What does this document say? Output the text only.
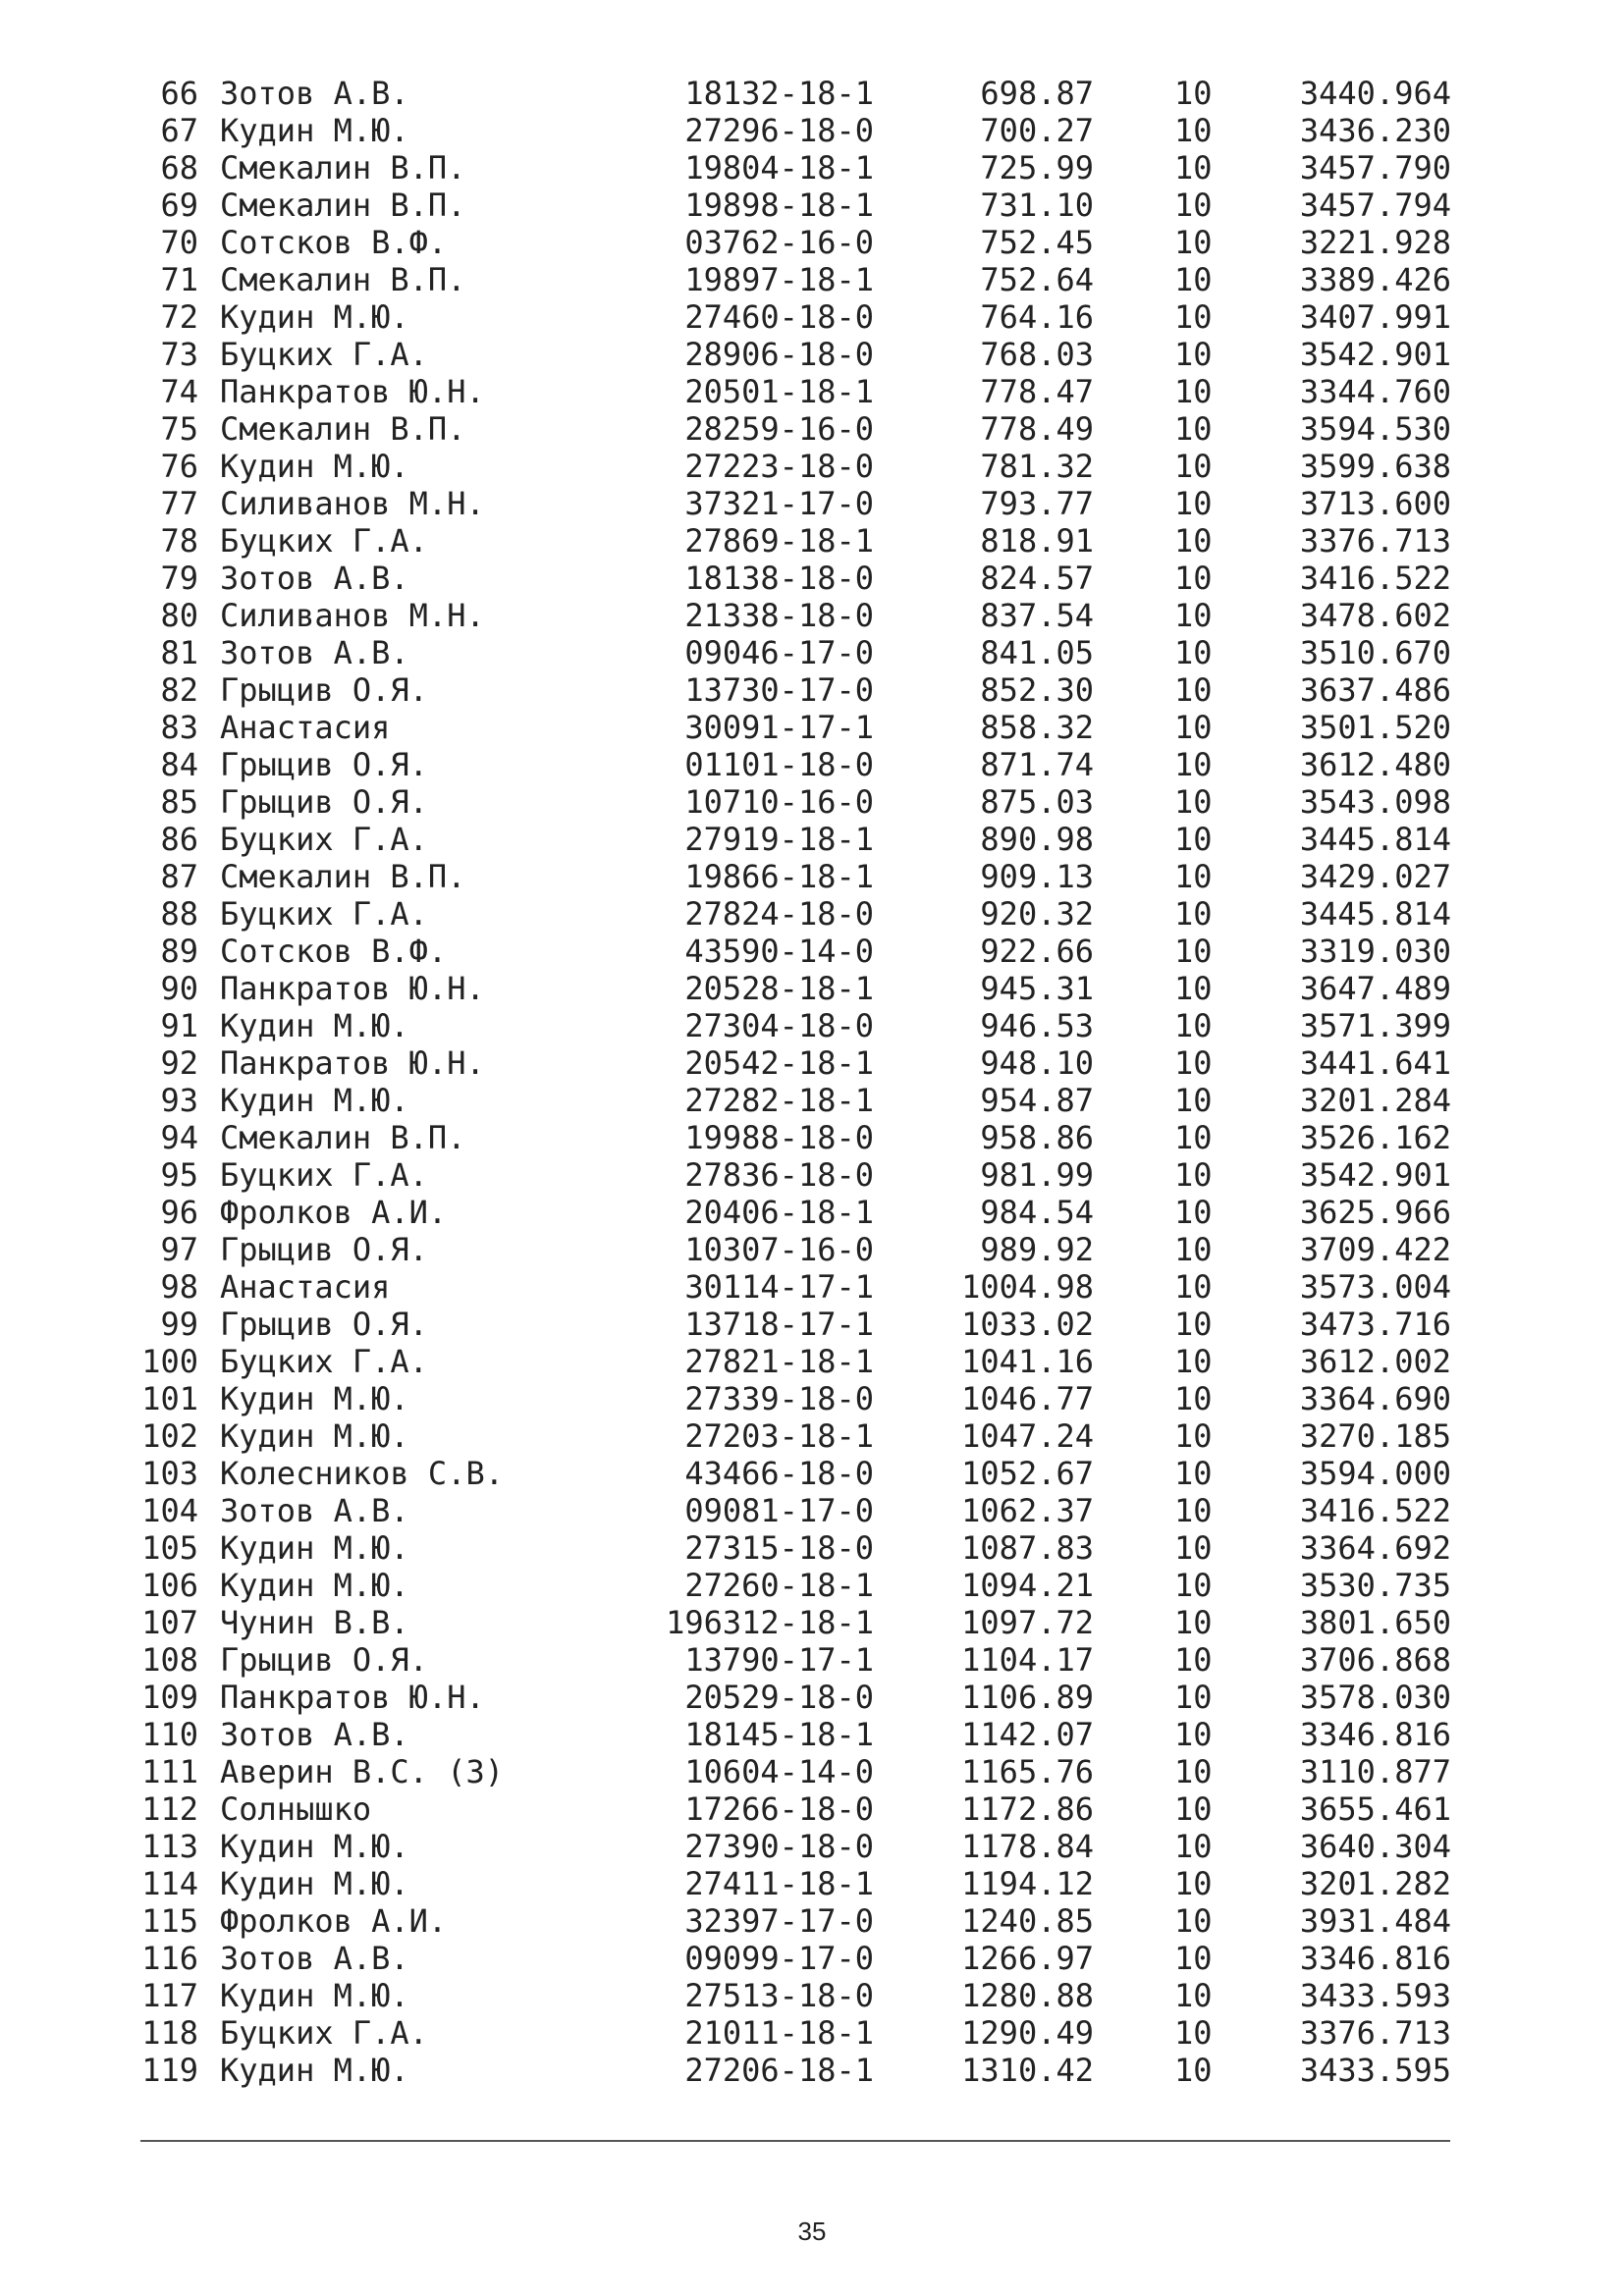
66 Зотов А.В.	18132-18-1	698.87	10	3440.964
67 Кудин М.Ю.	27296-18-0	700.27	10	3436.230
68 Смекалин В.П.	19804-18-1	725.99	10	3457.790
69 Смекалин В.П.	19898-18-1	731.10	10	3457.794
70 Сотсков В.Ф.	03762-16-0	752.45	10	3221.928
71 Смекалин В.П.	19897-18-1	752.64	10	3389.426
72 Кудин М.Ю.	27460-18-0	764.16	10	3407.991
73 Буцких Г.А.	28906-18-0	768.03	10	3542.901
74 Панкратов Ю.Н.	20501-18-1	778.47	10	3344.760
75 Смекалин В.П.	28259-16-0	778.49	10	3594.530
76 Кудин М.Ю.	27223-18-0	781.32	10	3599.638
77 Силиванов М.Н.	37321-17-0	793.77	10	3713.600
78 Буцких Г.А.	27869-18-1	818.91	10	3376.713
79 Зотов А.В.	18138-18-0	824.57	10	3416.522
80 Силиванов М.Н.	21338-18-0	837.54	10	3478.602
81 Зотов А.В.	09046-17-0	841.05	10	3510.670
82 Грыцив О.Я.	13730-17-0	852.30	10	3637.486
83 Анастасия	30091-17-1	858.32	10	3501.520
84 Грыцив О.Я.	01101-18-0	871.74	10	3612.480
85 Грыцив О.Я.	10710-16-0	875.03	10	3543.098
86 Буцких Г.А.	27919-18-1	890.98	10	3445.814
87 Смекалин В.П.	19866-18-1	909.13	10	3429.027
88 Буцких Г.А.	27824-18-0	920.32	10	3445.814
89 Сотсков В.Ф.	43590-14-0	922.66	10	3319.030
90 Панкратов Ю.Н.	20528-18-1	945.31	10	3647.489
91 Кудин М.Ю.	27304-18-0	946.53	10	3571.399
92 Панкратов Ю.Н.	20542-18-1	948.10	10	3441.641
93 Кудин М.Ю.	27282-18-1	954.87	10	3201.284
94 Смекалин В.П.	19988-18-0	958.86	10	3526.162
95 Буцких Г.А.	27836-18-0	981.99	10	3542.901
96 Фролков А.И.	20406-18-1	984.54	10	3625.966
97 Грыцив О.Я.	10307-16-0	989.92	10	3709.422
98 Анастасия	30114-17-1	1004.98	10	3573.004
99 Грыцив О.Я.	13718-17-1	1033.02	10	3473.716
100 Буцких Г.А.	27821-18-1	1041.16	10	3612.002
101 Кудин М.Ю.	27339-18-0	1046.77	10	3364.690
102 Кудин М.Ю.	27203-18-1	1047.24	10	3270.185
103 Колесников С.В.	43466-18-0	1052.67	10	3594.000
104 Зотов А.В.	09081-17-0	1062.37	10	3416.522
105 Кудин М.Ю.	27315-18-0	1087.83	10	3364.692
106 Кудин М.Ю.	27260-18-1	1094.21	10	3530.735
107 Чунин В.В.	196312-18-1	1097.72	10	3801.650
108 Грыцив О.Я.	13790-17-1	1104.17	10	3706.868
109 Панкратов Ю.Н.	20529-18-0	1106.89	10	3578.030
110 Зотов А.В.	18145-18-1	1142.07	10	3346.816
111 Аверин В.С. (З)	10604-14-0	1165.76	10	3110.877
112 Солнышко	17266-18-0	1172.86	10	3655.461
113 Кудин М.Ю.	27390-18-0	1178.84	10	3640.304
114 Кудин М.Ю.	27411-18-1	1194.12	10	3201.282
115 Фролков А.И.	32397-17-0	1240.85	10	3931.484
116 Зотов А.В.	09099-17-0	1266.97	10	3346.816
117 Кудин М.Ю.	27513-18-0	1280.88	10	3433.593
118 Буцких Г.А.	21011-18-1	1290.49	10	3376.713
119 Кудин М.Ю.	27206-18-1	1310.42	10	3433.595
35
